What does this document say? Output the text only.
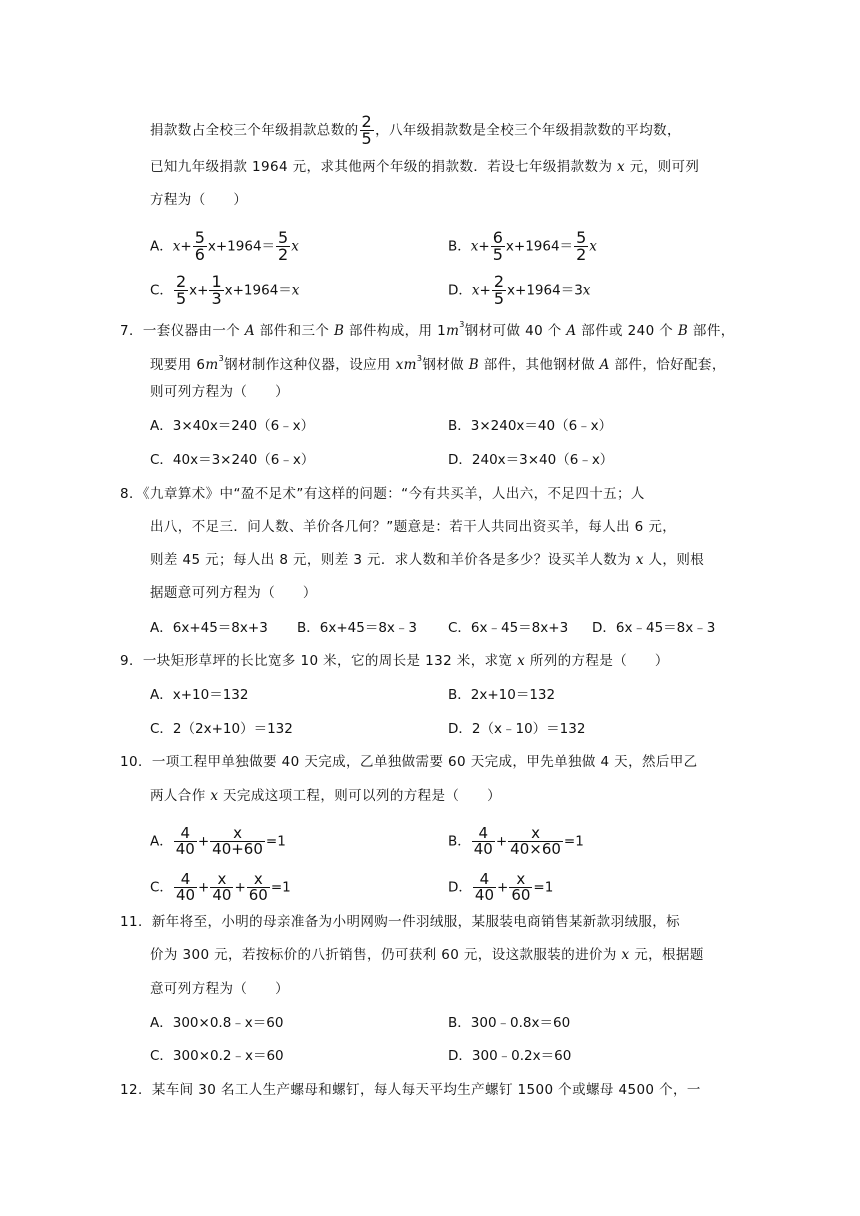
捐款数占全校三个年级捐款总数的 $\frac{2}{5}$ ，八年级捐款数是全校三个年级捐款数的平均数，
已知九年级捐款 1964 元，求其他两个年级的捐款数．若设七年级捐款数为 x 元，则可列
方程为（　　）
A．$x+ \frac{5}{6} x+1964= \frac{5}{2}$ x	B．$x+ \frac{6}{5} x+1964= \frac{5}{2}$ x
C． $\frac{2}{5} x+ \frac{1}{3} x+1964=x$	D．$x+ \frac{2}{5} x+1964=3x$
7．一套仪器由一个 A 部件和三个 B 部件构成，用 $1m^3$钢材可做 40 个 A 部件或 240 个 B 部件，
现要用 $6m^3$钢材制作这种仪器，设应用 $xm^3$钢材做 B 部件，其他钢材做 A 部件，恰好配套，
则可列方程为（　　）
A．3×40x＝240（6﹣x）	B．3×240x＝40（6﹣x）
C．40x＝3×240（6﹣x）	D．240x＝3×40（6﹣x）
8．《九章算术》中“盈不足术”有这样的问题：“今有共买羊，人出六，不足四十五；人
出八，不足三．问人数、羊价各几何？”题意是：若干人共同出资买羊，每人出 6 元，
则差 45 元；每人出 8 元，则差 3 元．求人数和羊价各是多少？设买羊人数为 x 人，则根
据题意可列方程为（　　）
A．6x+45＝8x+3 B．6x+45＝8x﹣3 C．6x﹣45＝8x+3 D．6x﹣45＝8x﹣3
9．一块矩形草坪的长比宽多 10 米，它的周长是 132 米，求宽 x 所列的方程是（　　）
A．x+10＝132	B．2x+10＝132
C．2（2x+10）＝132	D．2（x﹣10）＝132
10．一项工程甲单独做要 40 天完成，乙单独做需要 60 天完成，甲先单独做 4 天，然后甲乙
两人合作 x 天完成这项工程，则可以列的方程是（　　）
A． $\frac{4}{40} + \frac{x}{40+60} =1$	B． $\frac{4}{40} + \frac{x}{40\times 60} =1$
C． $\frac{4}{40} + \frac{x}{40} + \frac{x}{60} =1$	D． $\frac{4}{40} + \frac{x}{60} =1$
11．新年将至，小明的母亲准备为小明网购一件羽绒服，某服装电商销售某新款羽绒服，标
价为 300 元，若按标价的八折销售，仍可获利 60 元，设这款服装的进价为 x 元，根据题
意可列方程为（　　）
A．300×0.8﹣x＝60	B．300﹣0.8x＝60
C．300×0.2﹣x＝60	D．300﹣0.2x＝60
12．某车间 30 名工人生产螺母和螺钉，每人每天平均生产螺钉 1500 个或螺母 4500 个，一
